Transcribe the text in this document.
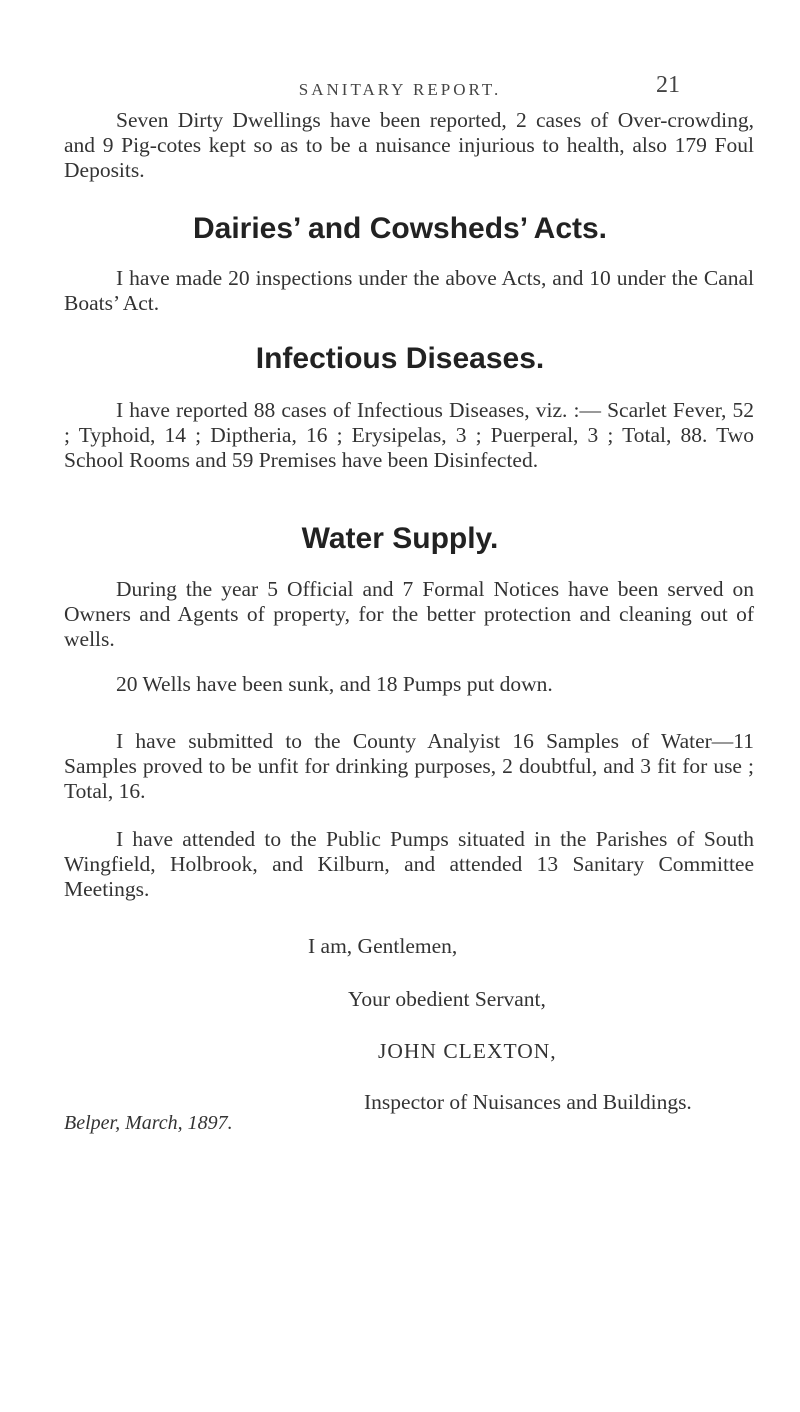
SANITARY REPORT.	21

Seven Dirty Dwellings have been reported, 2 cases of Over-crowding, and 9 Pig-cotes kept so as to be a nuisance injurious to health, also 179 Foul Deposits.

Dairies’ and Cowsheds’ Acts.

I have made 20 inspections under the above Acts, and 10 under the Canal Boats’ Act.

Infectious Diseases.

I have reported 88 cases of Infectious Diseases, viz. :— Scarlet Fever, 52 ; Typhoid, 14 ; Diptheria, 16 ; Erysipelas, 3 ; Puerperal, 3 ; Total, 88. Two School Rooms and 59 Premises have been Disinfected.

Water Supply.

During the year 5 Official and 7 Formal Notices have been served on Owners and Agents of property, for the better protection and cleaning out of wells.

20 Wells have been sunk, and 18 Pumps put down.

I have submitted to the County Analyist 16 Samples of Water—11 Samples proved to be unfit for drinking purposes, 2 doubtful, and 3 fit for use ; Total, 16.

I have attended to the Public Pumps situated in the Parishes of South Wingfield, Holbrook, and Kilburn, and attended 13 Sanitary Committee Meetings.

I am, Gentlemen,

Your obedient Servant,

JOHN CLEXTON,

Inspector of Nuisances and Buildings.

Belper, March, 1897.
